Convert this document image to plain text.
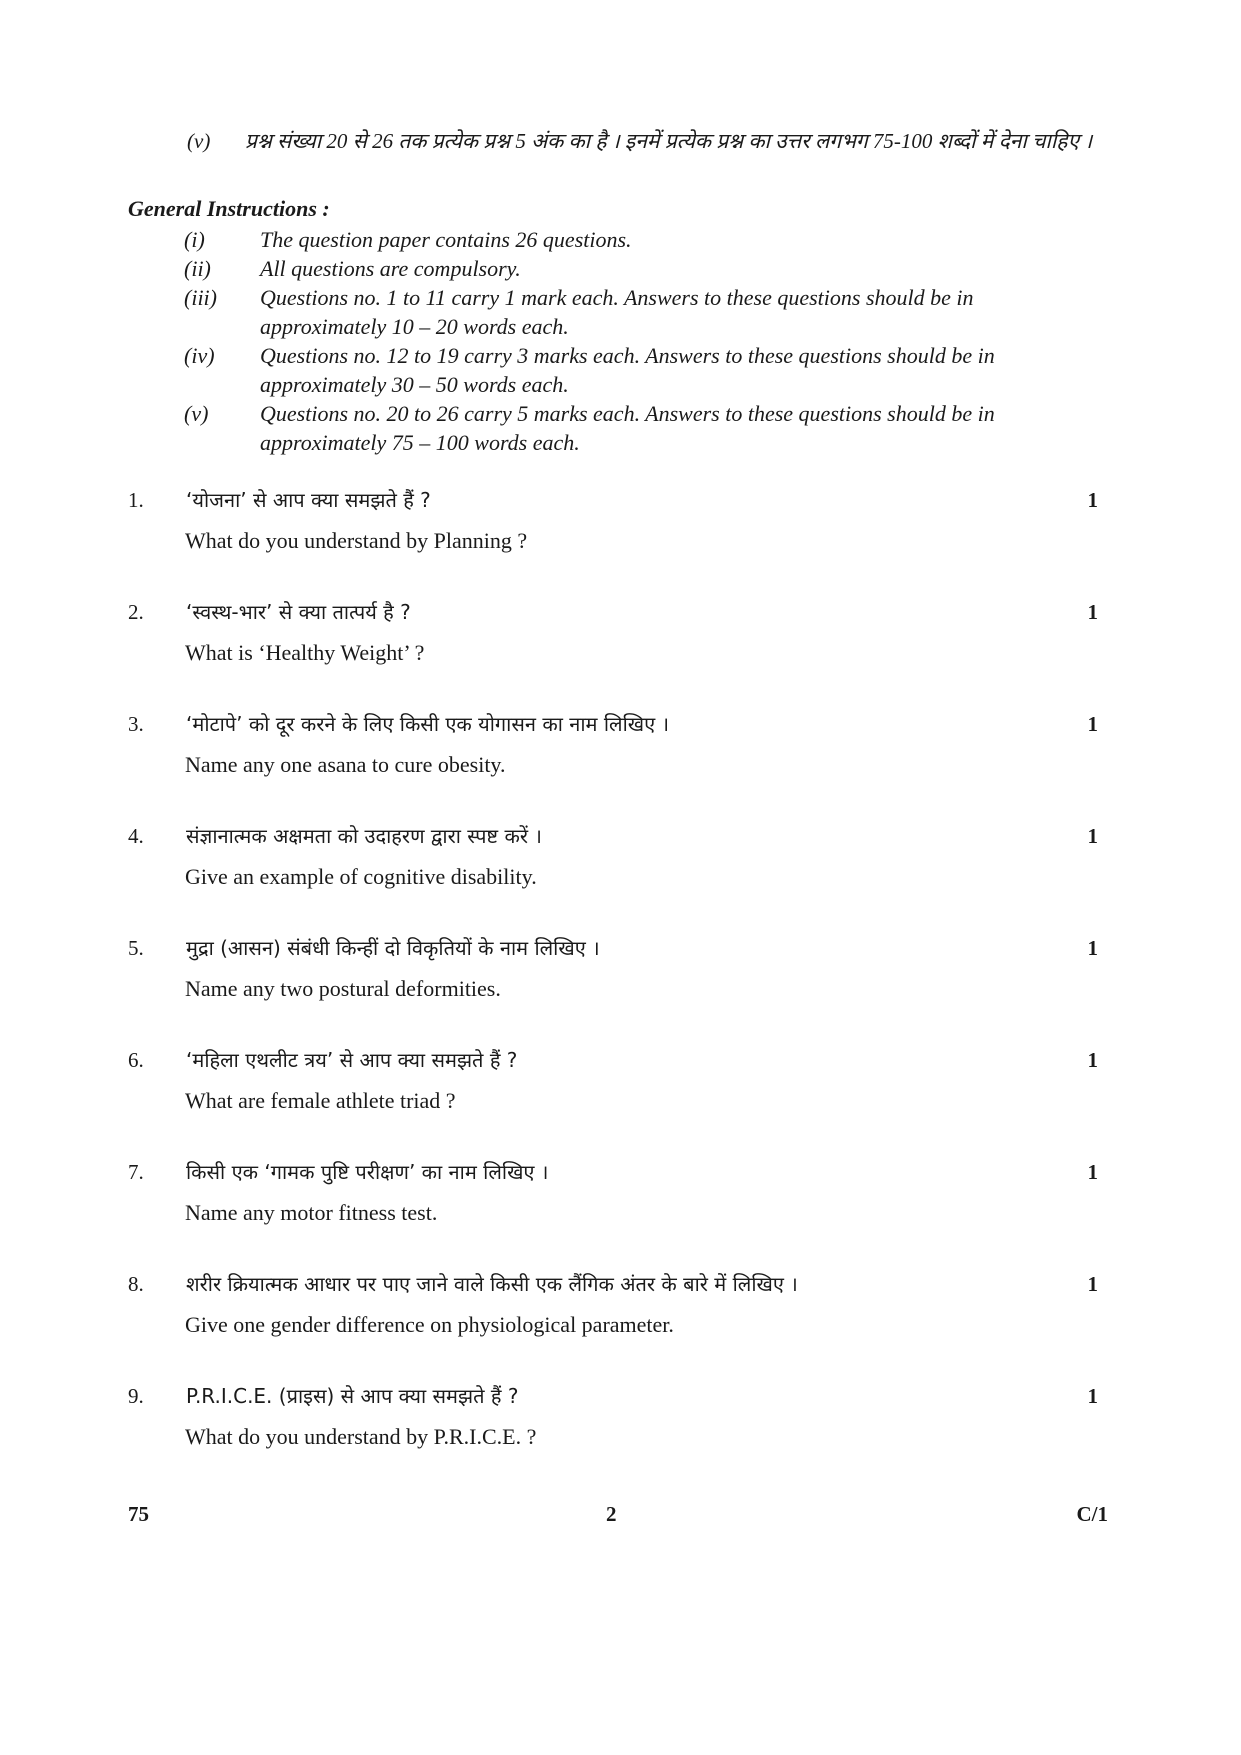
(v)	प्रश्न संख्या 20 से 26 तक प्रत्येक प्रश्न 5 अंक का है । इनमें प्रत्येक प्रश्न का उत्तर लगभग 75-100 शब्दों में देना चाहिए ।
General Instructions :
(i)	The question paper contains 26 questions.
(ii)	All questions are compulsory.
(iii)	Questions no. 1 to 11 carry 1 mark each. Answers to these questions should be in approximately 10 – 20 words each.
(iv)	Questions no. 12 to 19 carry 3 marks each. Answers to these questions should be in approximately 30 – 50 words each.
(v)	Questions no. 20 to 26 carry 5 marks each. Answers to these questions should be in approximately 75 – 100 words each.
1. ‘योजना’ से आप क्या समझते हैं ?	1
What do you understand by Planning ?
2. ‘स्वस्थ-भार’ से क्या तात्पर्य है ?	1
What is ‘Healthy Weight’ ?
3. ‘मोटापे’ को दूर करने के लिए किसी एक योगासन का नाम लिखिए ।	1
Name any one asana to cure obesity.
4. संज्ञानात्मक अक्षमता को उदाहरण द्वारा स्पष्ट करें ।	1
Give an example of cognitive disability.
5. मुद्रा (आसन) संबंधी किन्हीं दो विकृतियों के नाम लिखिए ।	1
Name any two postural deformities.
6. ‘महिला एथलीट त्रय’ से आप क्या समझते हैं ?	1
What are female athlete triad ?
7. किसी एक ‘गामक पुष्टि परीक्षण’ का नाम लिखिए ।	1
Name any motor fitness test.
8. शरीर क्रियात्मक आधार पर पाए जाने वाले किसी एक लैंगिक अंतर के बारे में लिखिए ।	1
Give one gender difference on physiological parameter.
9. P.R.I.C.E. (प्राइस) से आप क्या समझते हैं ?	1
What do you understand by P.R.I.C.E. ?
75	2	C/1
